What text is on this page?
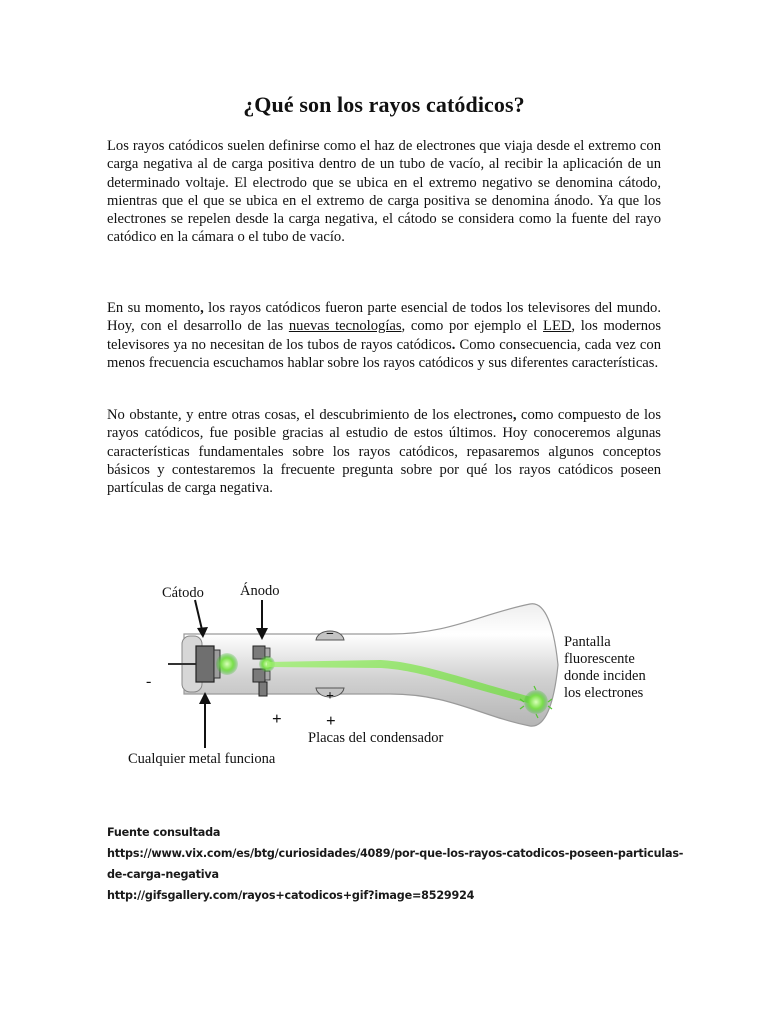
¿Qué son los rayos catódicos?

Los rayos catódicos suelen definirse como el haz de electrones que viaja desde el extremo con carga negativa al de carga positiva dentro de un tubo de vacío, al recibir la aplicación de un determinado voltaje. El electrodo que se ubica en el extremo negativo se denomina cátodo, mientras que el que se ubica en el extremo de carga positiva se denomina ánodo. Ya que los electrones se repelen desde la carga negativa, el cátodo se considera como la fuente del rayo catódico en la cámara o el tubo de vacío.

En su momento, los rayos catódicos fueron parte esencial de todos los televisores del mundo. Hoy, con el desarrollo de las nuevas tecnologías, como por ejemplo el LED, los modernos televisores ya no necesitan de los tubos de rayos catódicos. Como consecuencia, cada vez con menos frecuencia escuchamos hablar sobre los rayos catódicos y sus diferentes características.

No obstante, y entre otras cosas, el descubrimiento de los electrones, como compuesto de los rayos catódicos, fue posible gracias al estudio de estos últimos. Hoy conoceremos algunas características fundamentales sobre los rayos catódicos, repasaremos algunos conceptos básicos y contestaremos la frecuente pregunta sobre por qué los rayos catódicos poseen partículas de carga negativa.

−
+
Cátodo Ánodo
-
+	+
Placas del condensador
Cualquier metal funciona
Pantalla fluorescente donde inciden los electrones
Fuente consultada
https://www.vix.com/es/btg/curiosidades/4089/por-que-los-rayos-catodicos-poseen-particulas-
de-carga-negativa
http://gifsgallery.com/rayos+catodicos+gif?image=8529924
